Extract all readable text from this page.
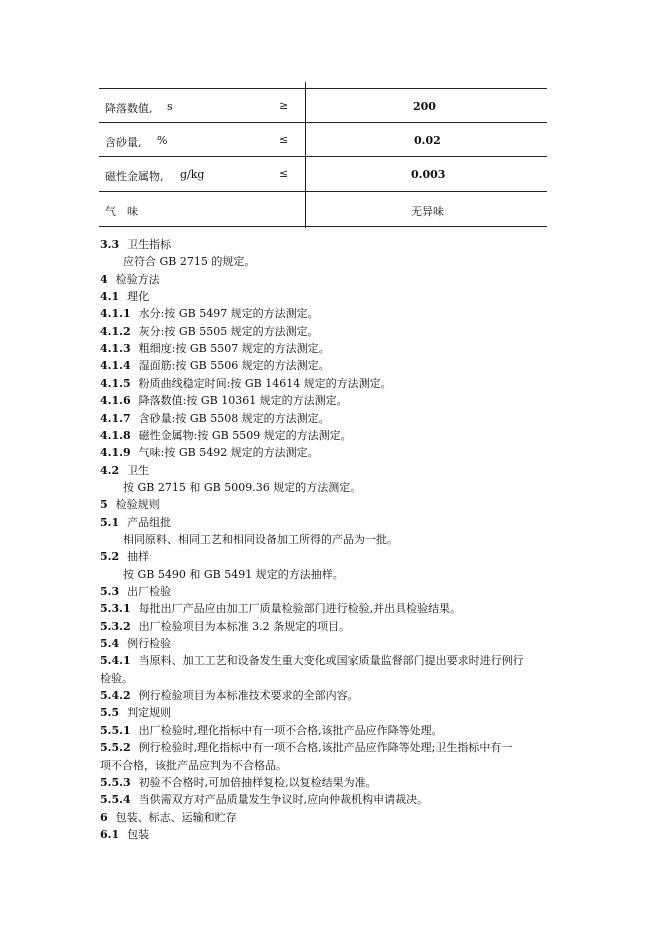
降落数值, s	≥	200
含砂量, %	≤	0.02
磁性金属物, g/kg	≤	0.003
气　味	无异味
3.3 卫生指标
应符合 GB 2715 的规定。
4 检验方法
4.1 理化
4.1.1 水分:按 GB 5497 规定的方法测定。
4.1.2 灰分:按 GB 5505 规定的方法测定。
4.1.3 粗细度:按 GB 5507 规定的方法测定。
4.1.4 湿面筋:按 GB 5506 规定的方法测定。
4.1.5 粉质曲线稳定时间:按 GB 14614 规定的方法测定。
4.1.6 降落数值:按 GB 10361 规定的方法测定。
4.1.7 含砂量:按 GB 5508 规定的方法测定。
4.1.8 磁性金属物:按 GB 5509 规定的方法测定。
4.1.9 气味:按 GB 5492 规定的方法测定。
4.2 卫生
按 GB 2715 和 GB 5009.36 规定的方法测定。
5 检验规则
5.1 产品组批
相同原料、相同工艺和相同设备加工所得的产品为一批。
5.2 抽样
按 GB 5490 和 GB 5491 规定的方法抽样。
5.3 出厂检验
5.3.1 每批出厂产品应由加工厂质量检验部门进行检验,并出具检验结果。
5.3.2 出厂检验项目为本标准 3.2 条规定的项目。
5.4 例行检验
5.4.1 当原料、加工工艺和设备发生重大变化或国家质量监督部门提出要求时进行例行
检验。
5.4.2 例行检验项目为本标准技术要求的全部内容。
5.5 判定规则
5.5.1 出厂检验时,理化指标中有一项不合格,该批产品应作降等处理。
5.5.2 例行检验时,理化指标中有一项不合格,该批产品应作降等处理;卫生指标中有一
项不合格，该批产品应判为不合格品。
5.5.3 初验不合格时,可加倍抽样复检,以复检结果为准。
5.5.4 当供需双方对产品质量发生争议时,应向仲裁机构申请裁决。
6 包装、标志、运输和贮存
6.1 包装
